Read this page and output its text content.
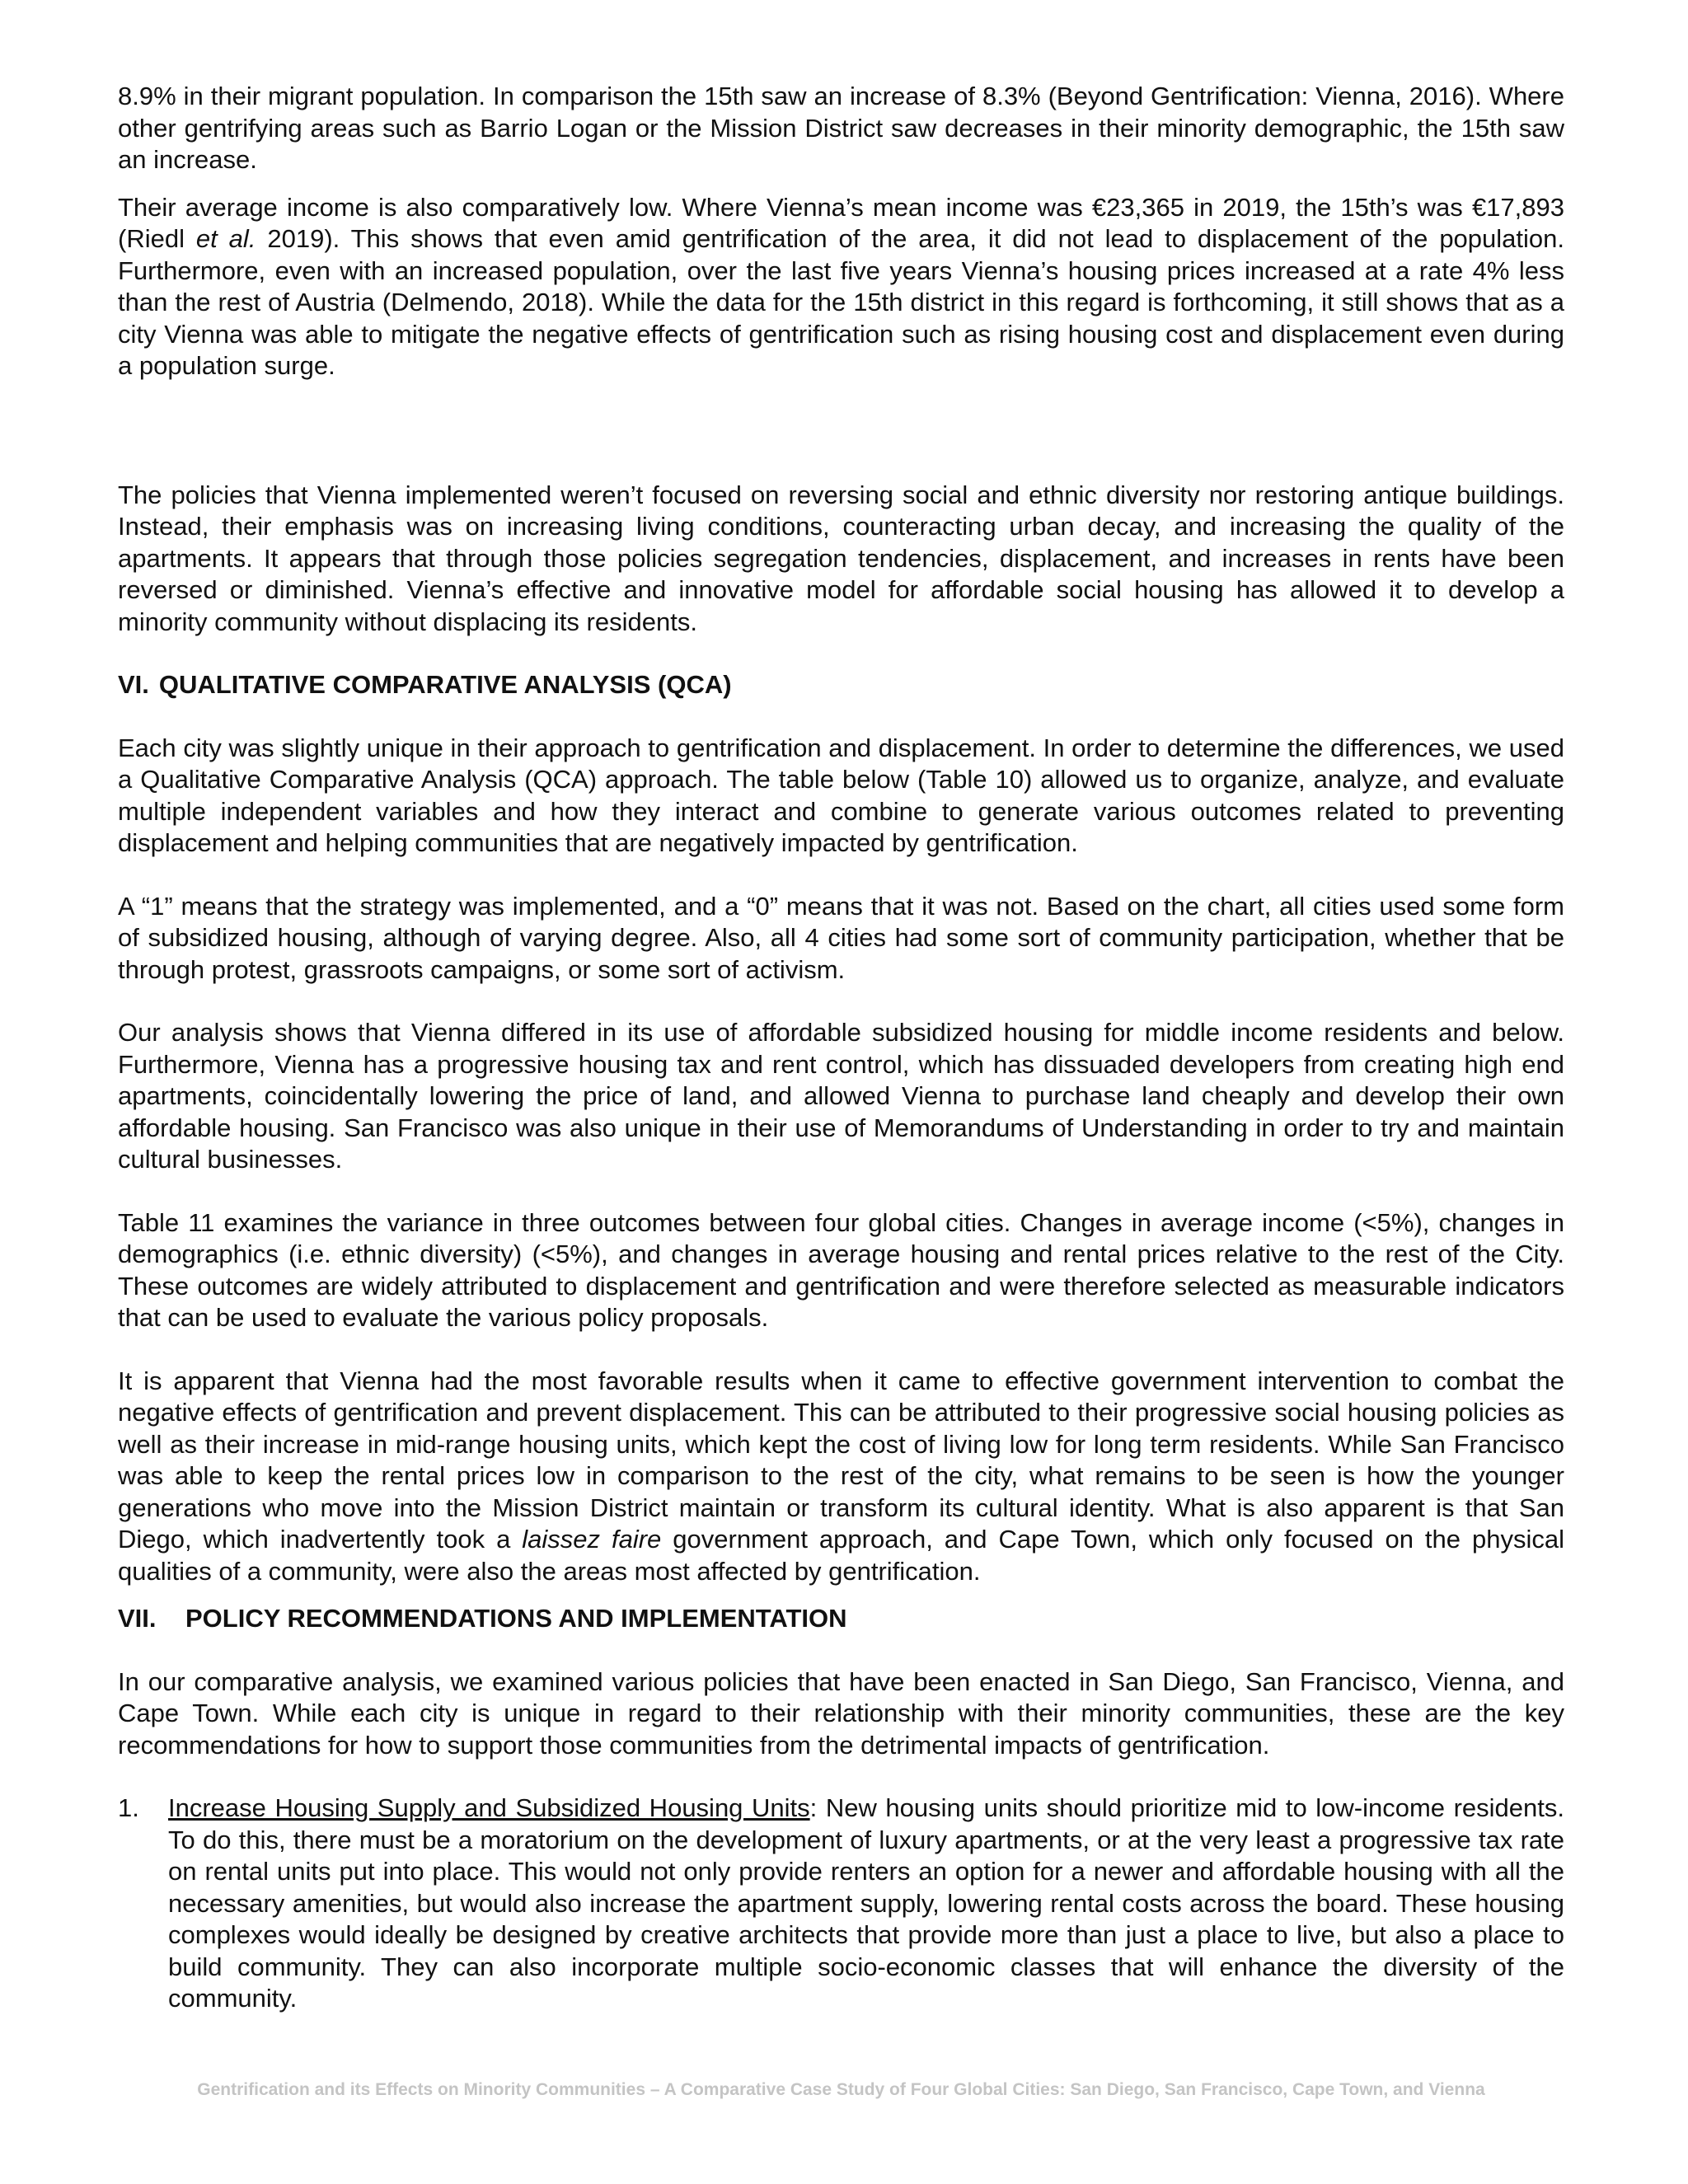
8.9% in their migrant population. In comparison the 15th saw an increase of 8.3% (Beyond Gentrification: Vienna, 2016). Where other gentrifying areas such as Barrio Logan or the Mission District saw decreases in their minority demographic, the 15th saw an increase.

Their average income is also comparatively low. Where Vienna’s mean income was €23,365 in 2019, the 15th’s was €17,893 (Riedl et al. 2019). This shows that even amid gentrification of the area, it did not lead to displacement of the population. Furthermore, even with an increased population, over the last five years Vienna’s housing prices increased at a rate 4% less than the rest of Austria (Delmendo, 2018). While the data for the 15th district in this regard is forthcoming, it still shows that as a city Vienna was able to mitigate the negative effects of gentrification such as rising housing cost and displacement even during a population surge.

The policies that Vienna implemented weren’t focused on reversing social and ethnic diversity nor restoring antique buildings. Instead, their emphasis was on increasing living conditions, counteracting urban decay, and increasing the quality of the apartments. It appears that through those policies segregation tendencies, displacement, and increases in rents have been reversed or diminished. Vienna’s effective and innovative model for affordable social housing has allowed it to develop a minority community without displacing its residents.

VI. QUALITATIVE COMPARATIVE ANALYSIS (QCA)

Each city was slightly unique in their approach to gentrification and displacement. In order to determine the differences, we used a Qualitative Comparative Analysis (QCA) approach. The table below (Table 10) allowed us to organize, analyze, and evaluate multiple independent variables and how they interact and combine to generate various outcomes related to preventing displacement and helping communities that are negatively impacted by gentrification.

A “1” means that the strategy was implemented, and a “0” means that it was not. Based on the chart, all cities used some form of subsidized housing, although of varying degree. Also, all 4 cities had some sort of community participation, whether that be through protest, grassroots campaigns, or some sort of activism.

Our analysis shows that Vienna differed in its use of affordable subsidized housing for middle income residents and below. Furthermore, Vienna has a progressive housing tax and rent control, which has dissuaded developers from creating high end apartments, coincidentally lowering the price of land, and allowed Vienna to purchase land cheaply and develop their own affordable housing. San Francisco was also unique in their use of Memorandums of Understanding in order to try and maintain cultural businesses.

Table 11 examines the variance in three outcomes between four global cities. Changes in average income (<5%), changes in demographics (i.e. ethnic diversity) (<5%), and changes in average housing and rental prices relative to the rest of the City. These outcomes are widely attributed to displacement and gentrification and were therefore selected as measurable indicators that can be used to evaluate the various policy proposals.

It is apparent that Vienna had the most favorable results when it came to effective government intervention to combat the negative effects of gentrification and prevent displacement. This can be attributed to their progressive social housing policies as well as their increase in mid-range housing units, which kept the cost of living low for long term residents. While San Francisco was able to keep the rental prices low in comparison to the rest of the city, what remains to be seen is how the younger generations who move into the Mission District maintain or transform its cultural identity. What is also apparent is that San Diego, which inadvertently took a laissez faire government approach, and Cape Town, which only focused on the physical qualities of a community, were also the areas most affected by gentrification.

VII. POLICY RECOMMENDATIONS AND IMPLEMENTATION

In our comparative analysis, we examined various policies that have been enacted in San Diego, San Francisco, Vienna, and Cape Town. While each city is unique in regard to their relationship with their minority communities, these are the key recommendations for how to support those communities from the detrimental impacts of gentrification.

1. Increase Housing Supply and Subsidized Housing Units: New housing units should prioritize mid to low-income residents. To do this, there must be a moratorium on the development of luxury apartments, or at the very least a progressive tax rate on rental units put into place. This would not only provide renters an option for a newer and affordable housing with all the necessary amenities, but would also increase the apartment supply, lowering rental costs across the board. These housing complexes would ideally be designed by creative architects that provide more than just a place to live, but also a place to build community. They can also incorporate multiple socio-economic classes that will enhance the diversity of the community.
Gentrification and its Effects on Minority Communities – A Comparative Case Study of Four Global Cities: San Diego, San Francisco, Cape Town, and Vienna
